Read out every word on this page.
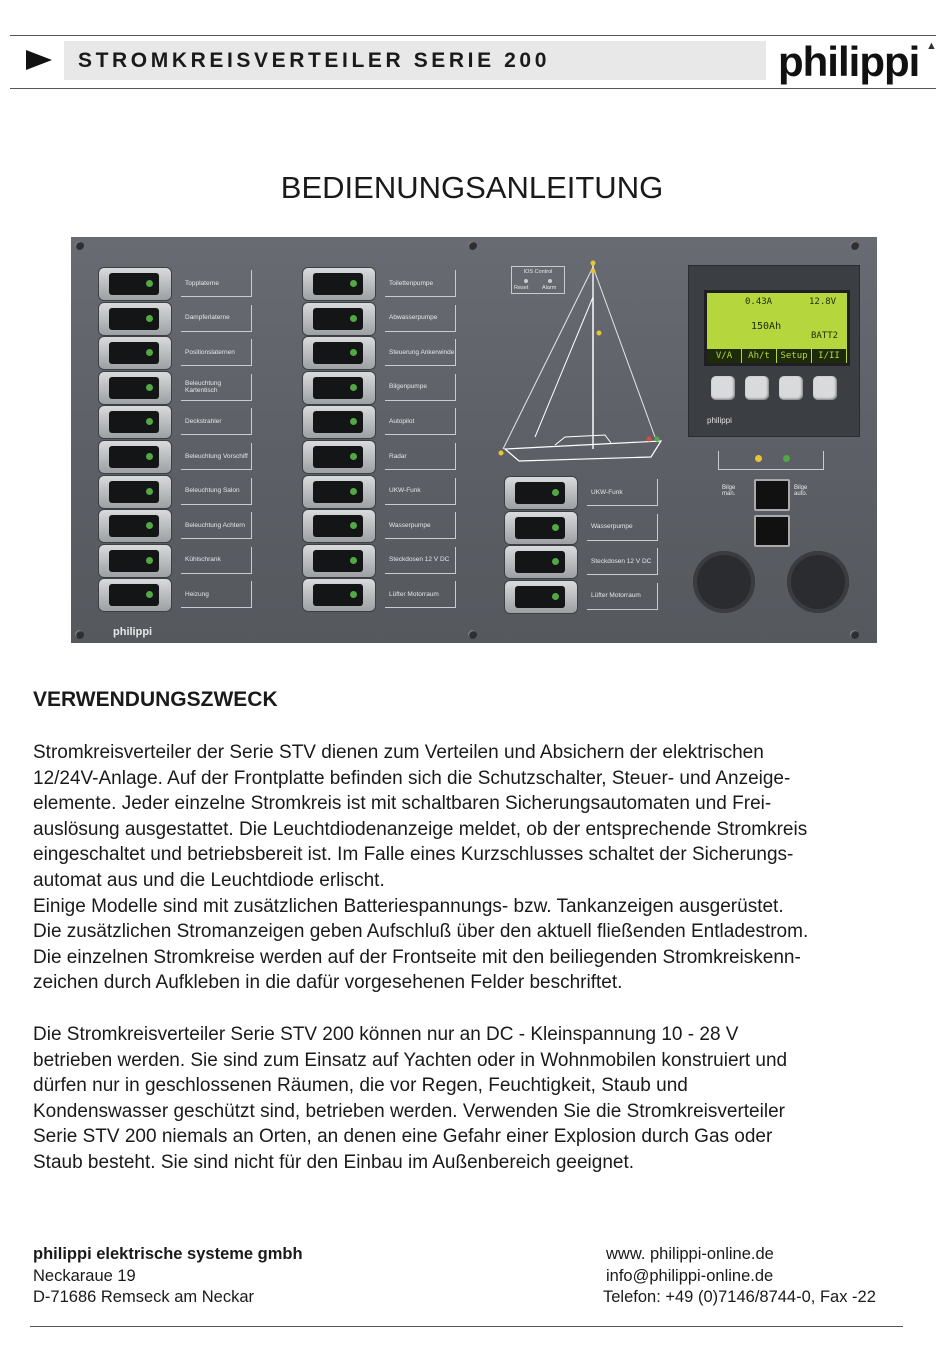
STROMKREISVERTEILER SERIE 200	philippi ▲
BEDIENUNGSANLEITUNG
Topplaterne
Dampferlaterne
Positionslaternen
Beleuchtung Kartentisch
Deckstrahler
Beleuchtung Vorschiff
Beleuchtung Salon
Beleuchtung Achtern
Kühlschrank
Heizung
Toilettenpumpe
Abwasserpumpe
Steuerung Ankerwinde
Bilgenpumpe
Autopilot
Radar
UKW-Funk
Wasserpumpe
Steckdosen 12 V DC
Lüfter Motorraum
UKW-Funk
Wasserpumpe
Steckdosen 12 V DC
Lüfter Motorraum
IOS Control
Reset Alarm
0.43A	12.8V
150Ah
BATT2
V/A	Ah/t	Setup	I/II
philippi
Bilge man.
Bilge auto.
philippi
VERWENDUNGSZWECK
Stromkreisverteiler der Serie STV dienen zum Verteilen und Absichern der elektrischen
12/24V-Anlage. Auf der Frontplatte befinden sich die Schutzschalter, Steuer- und Anzeige-
elemente. Jeder einzelne Stromkreis ist mit schaltbaren Sicherungsautomaten und Frei-
auslösung ausgestattet. Die Leuchtdiodenanzeige meldet, ob der entsprechende Stromkreis
eingeschaltet und betriebsbereit ist. Im Falle eines Kurzschlusses schaltet der Sicherungs-
automat aus und die Leuchtdiode erlischt.
Einige Modelle sind mit zusätzlichen Batteriespannungs- bzw. Tankanzeigen ausgerüstet.
Die zusätzlichen Stromanzeigen geben Aufschluß über den aktuell fließenden Entladestrom.
Die einzelnen Stromkreise werden auf der Frontseite mit den beiliegenden Stromkreiskenn-
zeichen durch Aufkleben in die dafür vorgesehenen Felder beschriftet.
Die Stromkreisverteiler Serie STV 200 können nur an DC - Kleinspannung 10 - 28 V
betrieben werden. Sie sind zum Einsatz auf Yachten oder in Wohnmobilen konstruiert und
dürfen nur in geschlossenen Räumen, die vor Regen, Feuchtigkeit, Staub und
Kondenswasser geschützt sind, betrieben werden. Verwenden Sie die Stromkreisverteiler
Serie STV 200 niemals an Orten, an denen eine Gefahr einer Explosion durch Gas oder
Staub besteht. Sie sind nicht für den Einbau im Außenbereich geeignet.
philippi elektrische systeme gmbh
Neckaraue 19
D-71686 Remseck am Neckar
www. philippi-online.de
info@philippi-online.de
Telefon: +49 (0)7146/8744-0, Fax -22
